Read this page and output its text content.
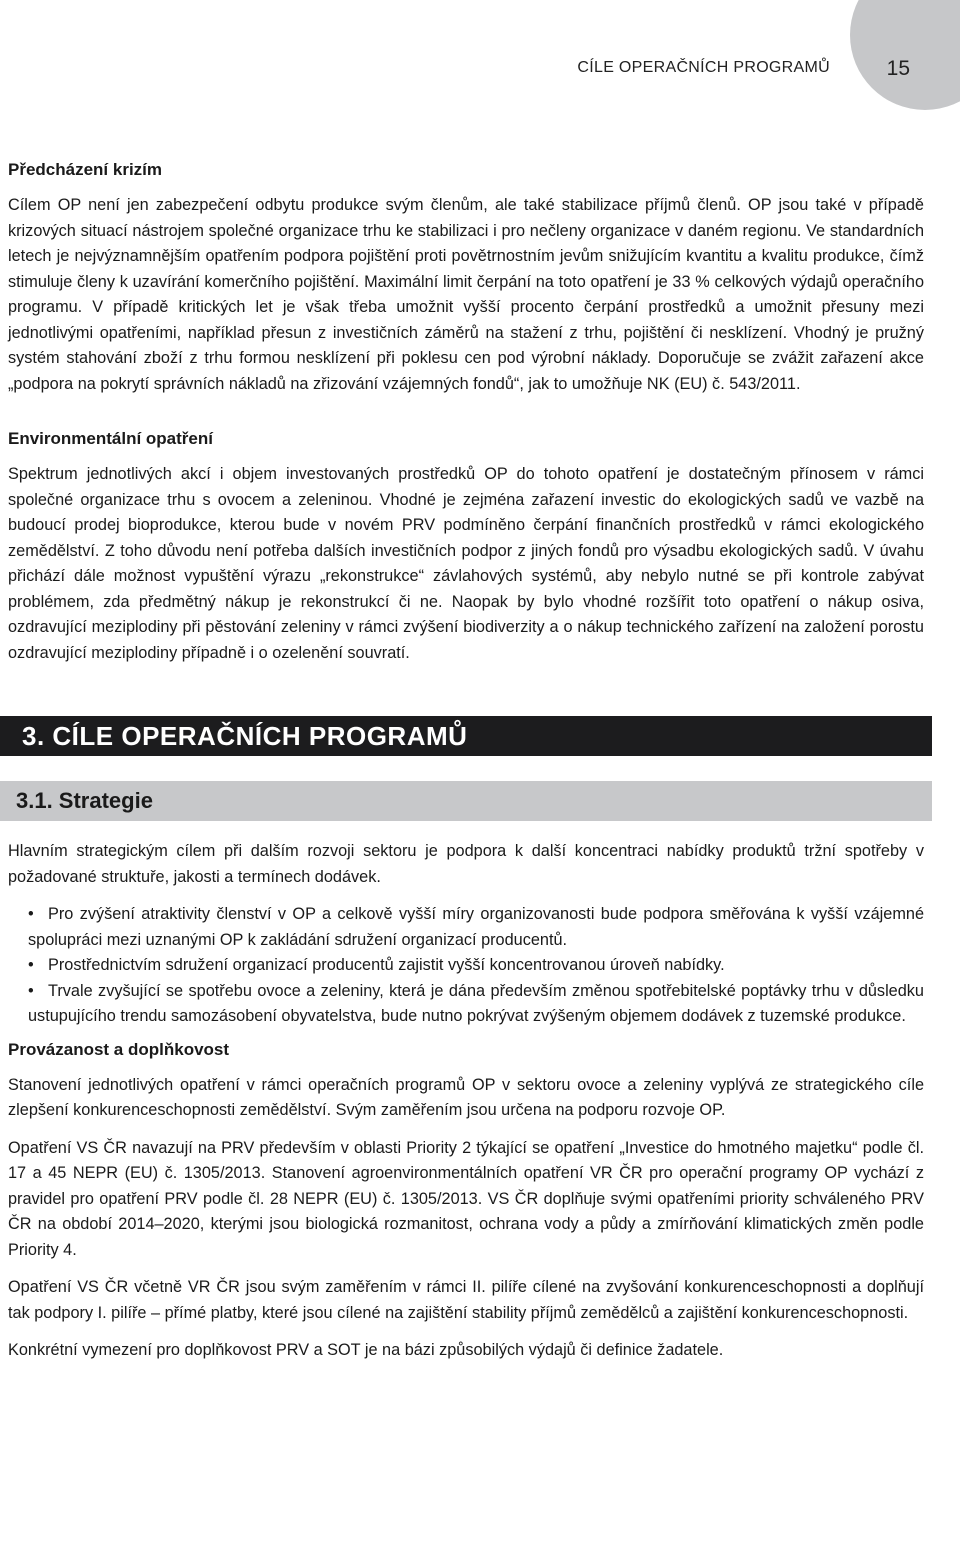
CÍLE OPERAČNÍCH PROGRAMŮ	15
Předcházení krizím

Cílem OP není jen zabezpečení odbytu produkce svým členům, ale také stabilizace příjmů členů. OP jsou také v případě krizových situací nástrojem společné organizace trhu ke stabilizaci i pro nečleny organizace v daném regionu. Ve standardních letech je nejvýznamnějším opatřením podpora pojištění proti povětrnostním jevům snižujícím kvantitu a kvalitu produkce, čímž stimuluje členy k uzavírání komerčního pojištění. Maximální limit čerpání na toto opatření je 33 % celkových výdajů operačního programu. V případě kritických let je však třeba umožnit vyšší procento čerpání prostředků a umožnit přesuny mezi jednotlivými opatřeními, například přesun z investičních záměrů na stažení z trhu, pojištění či nesklízení. Vhodný je pružný systém stahování zboží z trhu formou nesklízení při poklesu cen pod výrobní náklady. Doporučuje se zvážit zařazení akce „podpora na pokrytí správních nákladů na zřizování vzájemných fondů“, jak to umožňuje NK (EU) č. 543/2011.

Environmentální opatření

Spektrum jednotlivých akcí i objem investovaných prostředků OP do tohoto opatření je dostatečným přínosem v rámci společné organizace trhu s ovocem a zeleninou. Vhodné je zejména zařazení investic do ekologických sadů ve vazbě na budoucí prodej bioprodukce, kterou bude v novém PRV podmíněno čerpání finančních prostředků v rámci ekologického zemědělství. Z toho důvodu není potřeba dalších investičních podpor z jiných fondů pro výsadbu ekologických sadů. V úvahu přichází dále možnost vypuštění výrazu „rekonstrukce“ závlahových systémů, aby nebylo nutné se při kontrole zabývat problémem, zda předmětný nákup je rekonstrukcí či ne. Naopak by bylo vhodné rozšířit toto opatření o nákup osiva, ozdravující meziplodiny při pěstování zeleniny v rámci zvýšení biodiverzity a o nákup technického zařízení na založení porostu ozdravující meziplodiny případně i o ozelenění souvratí.

3. CÍLE OPERAČNÍCH PROGRAMŮ
3.1. Strategie

Hlavním strategickým cílem při dalším rozvoji sektoru je podpora k další koncentraci nabídky produktů tržní spotřeby v požadované struktuře, jakosti a termínech dodávek.

• Pro zvýšení atraktivity členství v OP a celkově vyšší míry organizovanosti bude podpora směřována k vyšší vzájemné spolupráci mezi uznanými OP k zakládání sdružení organizací producentů.
• Prostřednictvím sdružení organizací producentů zajistit vyšší koncentrovanou úroveň nabídky.
• Trvale zvyšující se spotřebu ovoce a zeleniny, která je dána především změnou spotřebitelské poptávky trhu v důsledku ustupujícího trendu samozásobení obyvatelstva, bude nutno pokrývat zvýšeným objemem dodávek z tuzemské produkce.
Provázanost a doplňkovost

Stanovení jednotlivých opatření v rámci operačních programů OP v sektoru ovoce a zeleniny vyplývá ze strategického cíle zlepšení konkurenceschopnosti zemědělství. Svým zaměřením jsou určena na podporu rozvoje OP.

Opatření VS ČR navazují na PRV především v oblasti Priority 2 týkající se opatření „Investice do hmotného majetku“ podle čl. 17 a 45 NEPR (EU) č. 1305/2013. Stanovení agroenvironmentálních opatření VR ČR pro operační programy OP vychází z pravidel pro opatření PRV podle čl. 28 NEPR (EU) č. 1305/2013. VS ČR doplňuje svými opatřeními priority schváleného PRV ČR na období 2014–2020, kterými jsou biologická rozmanitost, ochrana vody a půdy a zmírňování klimatických změn podle Priority 4.

Opatření VS ČR včetně VR ČR jsou svým zaměřením v rámci II. pilíře cílené na zvyšování konkurenceschopnosti a doplňují tak podpory I. pilíře – přímé platby, které jsou cílené na zajištění stability příjmů zemědělců a zajištění konkurenceschopnosti.

Konkrétní vymezení pro doplňkovost PRV a SOT je na bázi způsobilých výdajů či definice žadatele.
